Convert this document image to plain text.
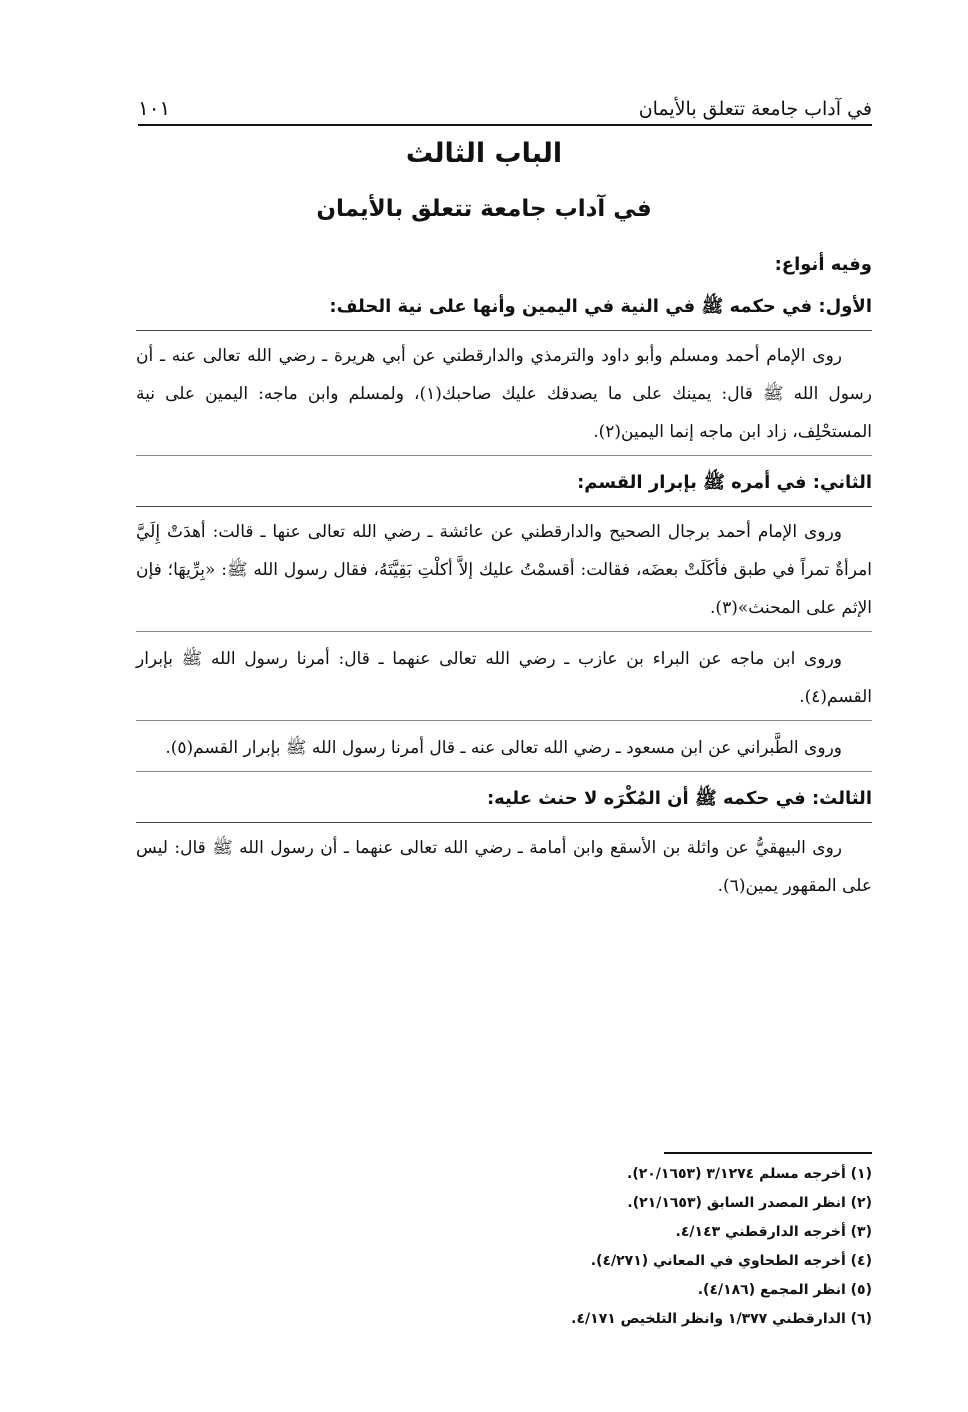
في آداب جامعة تتعلق بالأيمان
١٠١
الباب الثالث
في آداب جامعة تتعلق بالأيمان

وفيه أنواع:

الأول: في حكمه ﷺ في النية في اليمين وأنها على نية الحلف:

روى الإمام أحمد ومسلم وأبو داود والترمذي والدارقطني عن أبي هريرة ـ رضي الله تعالى عنه ـ أن رسول الله ﷺ قال: يمينك على ما يصدقك عليك صاحبك(١)، ولمسلم وابن ماجه: اليمين على نية المستحْلِف، زاد ابن ماجه إنما اليمين(٢).

الثاني: في أمره ﷺ بإبرار القسم:

وروى الإمام أحمد برجال الصحيح والدارقطني عن عائشة ـ رضي الله تعالى عنها ـ قالت: أهدَتْ إِلَيَّ امرأةٌ تمراً في طبق فأكَلَتْ بعضَه، فقالت: أقسمْتُ عليك إلاَّ أكلْتِ بَقِيَّتَهُ، فقال رسول الله ﷺ: «بِرِّيهَا؛ فإن الإثم على المحنث»(٣).

وروى ابن ماجه عن البراء بن عازب ـ رضي الله تعالى عنهما ـ قال: أمرنا رسول الله ﷺ بإبرار القسم(٤).

وروى الطَّبراني عن ابن مسعود ـ رضي الله تعالى عنه ـ قال أمرنا رسول الله ﷺ بإبرار القسم(٥).

الثالث: في حكمه ﷺ أن المُكْرَه لا حنث عليه:

روى البيهقيُّ عن واثلة بن الأسقع وابن أمامة ـ رضي الله تعالى عنهما ـ أن رسول الله ﷺ قال: ليس على المقهور يمين(٦).

(١) أخرجه مسلم ٣/١٢٧٤ (٢٠/١٦٥٣).
(٢) انظر المصدر السابق (٢١/١٦٥٣).
(٣) أخرجه الدارقطني ٤/١٤٣.
(٤) أخرجه الطحاوي في المعاني (٤/٢٧١).
(٥) انظر المجمع (٤/١٨٦).
(٦) الدارقطني ١/٣٧٧ وانظر التلخيص ٤/١٧١.
